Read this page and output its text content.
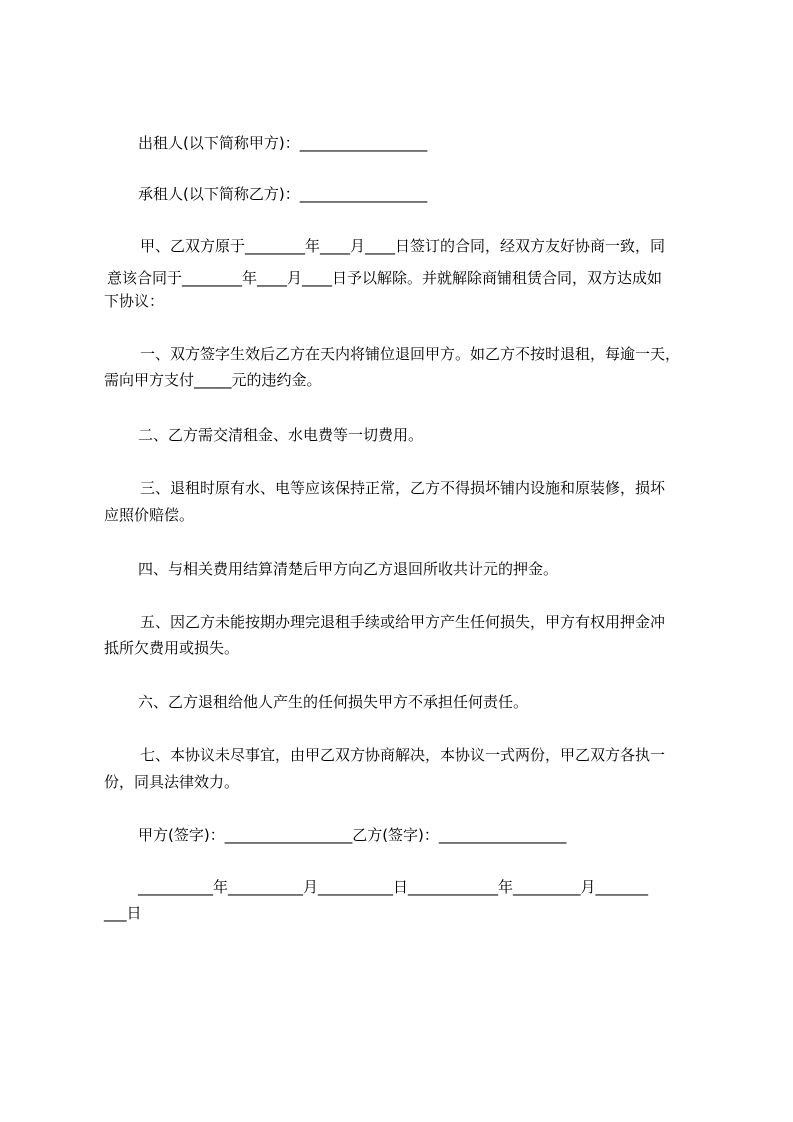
出租人(以下简称甲方)：_________________
承租人(以下简称乙方)：_________________
甲、乙双方原于________年____月____日签订的合同，经双方友好协商一致，同
意该合同于________年____月____日予以解除。并就解除商铺租赁合同，双方达成如
下协议：
一、双方签字生效后乙方在天内将铺位退回甲方。如乙方不按时退租，每逾一天，
需向甲方支付_____元的违约金。
二、乙方需交清租金、水电费等一切费用。
三、退租时原有水、电等应该保持正常，乙方不得损坏铺内设施和原装修，损坏
应照价赔偿。
四、与相关费用结算清楚后甲方向乙方退回所收共计元的押金。
五、因乙方未能按期办理完退租手续或给甲方产生任何损失，甲方有权用押金冲
抵所欠费用或损失。
六、乙方退租给他人产生的任何损失甲方不承担任何责任。
七、本协议未尽事宜，由甲乙双方协商解决，本协议一式两份，甲乙双方各执一
份，同具法律效力。
甲方(签字)：_________________乙方(签字)：_________________
__________年__________月__________日____________年_________月_______
___日
